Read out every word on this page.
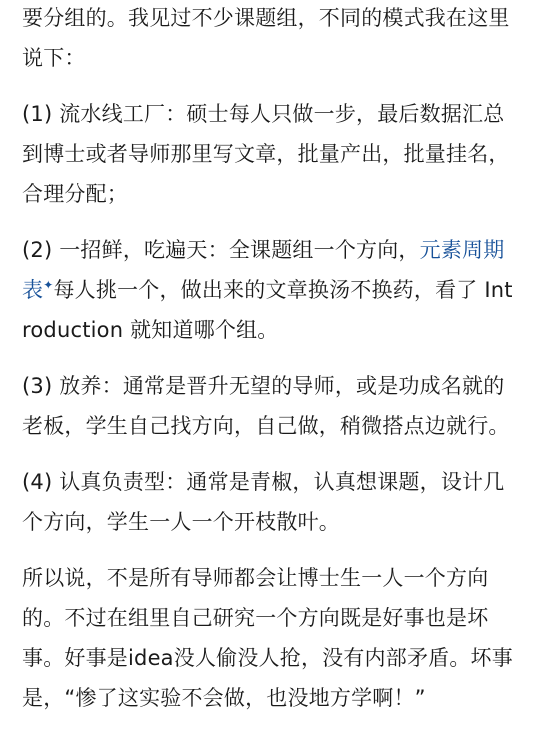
要分组的。我见过不少课题组，不同的模式我在这里说下：

(1) 流水线工厂：硕士每人只做一步，最后数据汇总到博士或者导师那里写文章，批量产出，批量挂名，合理分配；

(2) 一招鲜，吃遍天：全课题组一个方向，元素周期表✦每人挑一个，做出来的文章换汤不换药，看了 Introduction 就知道哪个组。

(3) 放养：通常是晋升无望的导师，或是功成名就的老板，学生自己找方向，自己做，稍微搭点边就行。

(4) 认真负责型：通常是青椒，认真想课题，设计几个方向，学生一人一个开枝散叶。

所以说，不是所有导师都会让博士生一人一个方向的。不过在组里自己研究一个方向既是好事也是坏事。好事是idea没人偷没人抢，没有内部矛盾。坏事是，“惨了这实验不会做，也没地方学啊！”
